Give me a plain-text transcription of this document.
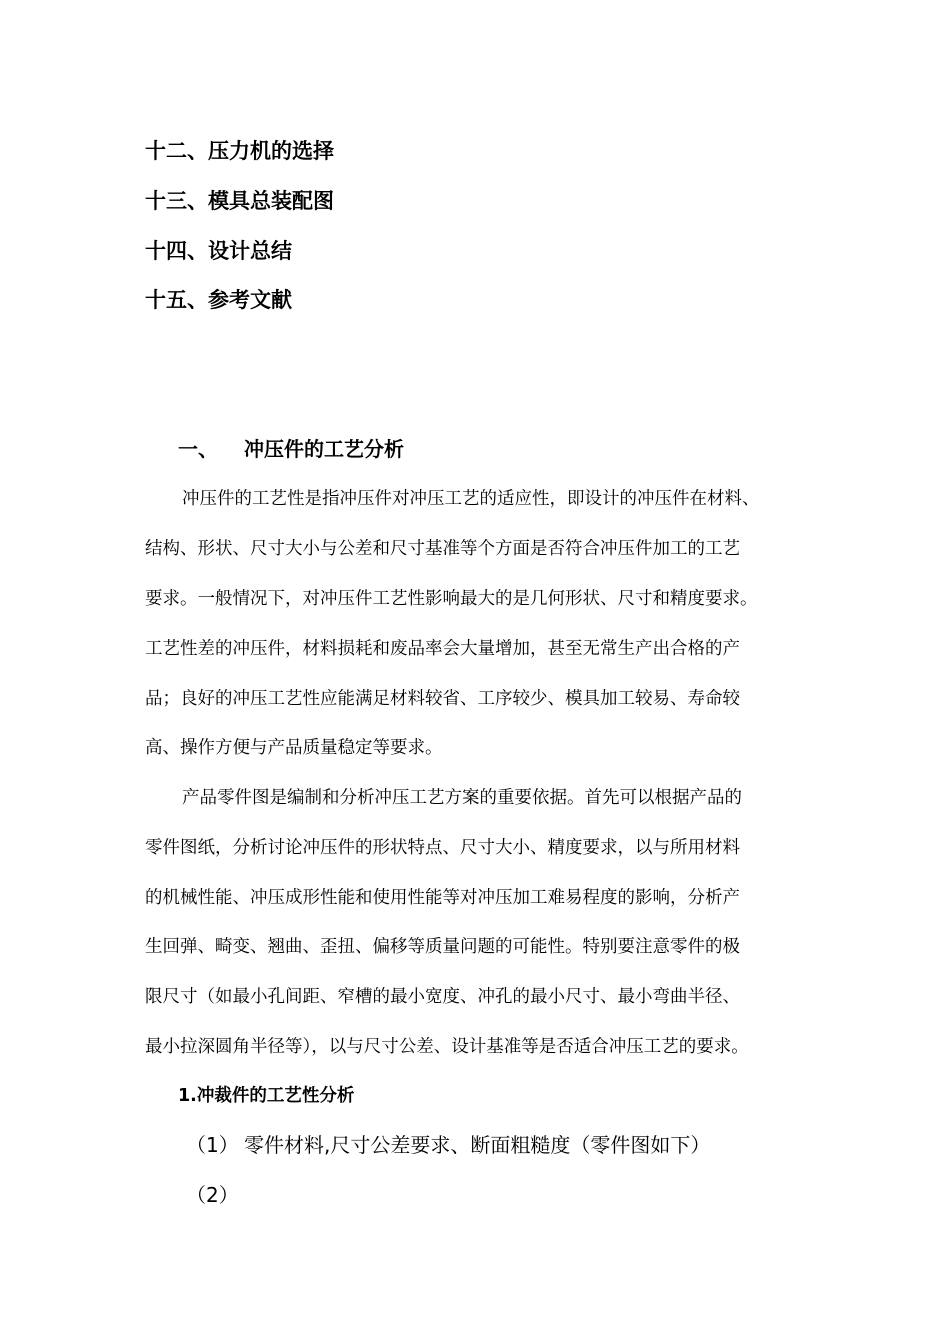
十二、压力机的选择
十三、模具总装配图
十四、设计总结
十五、参考文献
一、 冲压件的工艺分析
冲压件的工艺性是指冲压件对冲压工艺的适应性，即设计的冲压件在材料、
结构、形状、尺寸大小与公差和尺寸基准等个方面是否符合冲压件加工的工艺
要求。一般情况下，对冲压件工艺性影响最大的是几何形状、尺寸和精度要求。
工艺性差的冲压件，材料损耗和废品率会大量增加，甚至无常生产出合格的产
品；良好的冲压工艺性应能满足材料较省、工序较少、模具加工较易、寿命较
高、操作方便与产品质量稳定等要求。
产品零件图是编制和分析冲压工艺方案的重要依据。首先可以根据产品的
零件图纸，分析讨论冲压件的形状特点、尺寸大小、精度要求，以与所用材料
的机械性能、冲压成形性能和使用性能等对冲压加工难易程度的影响，分析产
生回弹、畸变、翘曲、歪扭、偏移等质量问题的可能性。特别要注意零件的极
限尺寸（如最小孔间距、窄槽的最小宽度、冲孔的最小尺寸、最小弯曲半径、
最小拉深圆角半径等），以与尺寸公差、设计基准等是否适合冲压工艺的要求。
1.冲裁件的工艺性分析
（1） 零件材料,尺寸公差要求、断面粗糙度（零件图如下）
（2）
